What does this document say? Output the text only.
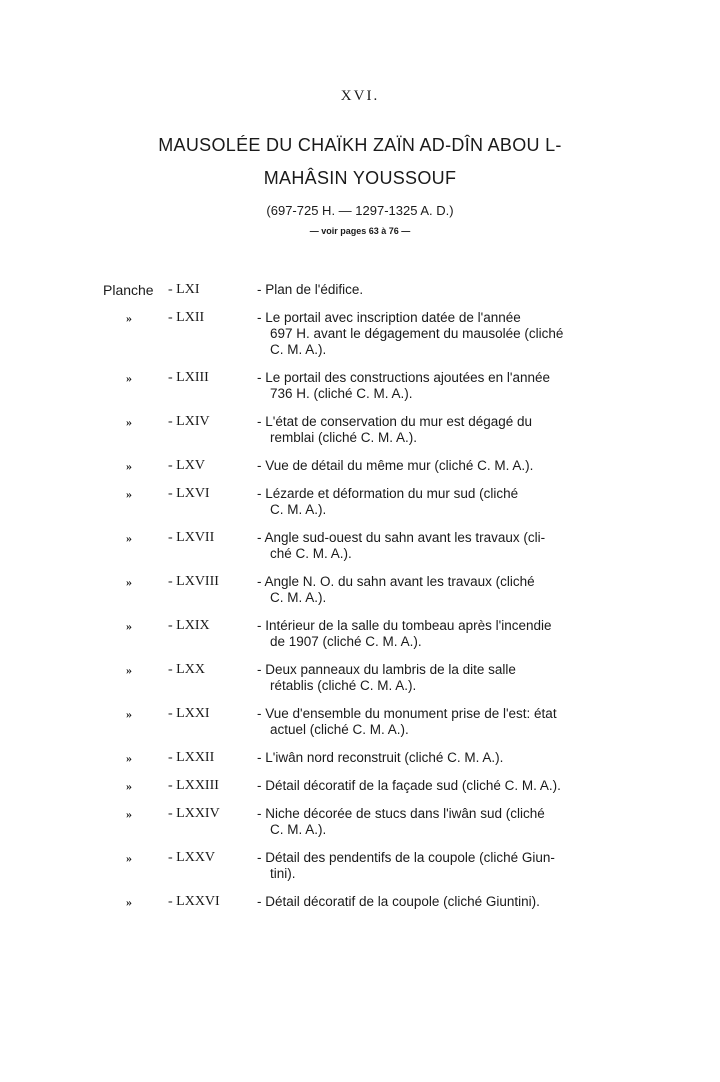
XVI.
MAUSOLÉE DU CHAÏKH ZAÏN AD-DÎN ABOU L-
MAHÂSIN YOUSSOUF
(697-725 H. — 1297-1325 A. D.)
— voir pages 63 à 76 —
Planche - LXI	- Plan de l'édifice.
»	- LXII	- Le portail avec inscription datée de l'année
697 H. avant le dégagement du mausolée (cliché
C. M. A.).
»	- LXIII	- Le portail des constructions ajoutées en l'année
736 H. (cliché C. M. A.).
»	- LXIV	- L'état de conservation du mur est dégagé du
remblai (cliché C. M. A.).
»	- LXV	- Vue de détail du même mur (cliché C. M. A.).
»	- LXVI	- Lézarde et déformation du mur sud (cliché
C. M. A.).
»	- LXVII	- Angle sud-ouest du sahn avant les travaux (cli-
ché C. M. A.).
»	- LXVIII	- Angle N. O. du sahn avant les travaux (cliché
C. M. A.).
»	- LXIX	- Intérieur de la salle du tombeau après l'incendie
de 1907 (cliché C. M. A.).
»	- LXX	- Deux panneaux du lambris de la dite salle
rétablis (cliché C. M. A.).
»	- LXXI	- Vue d'ensemble du monument prise de l'est: état
actuel (cliché C. M. A.).
»	- LXXII	- L'iwân nord reconstruit (cliché C. M. A.).
»	- LXXIII	- Détail décoratif de la façade sud (cliché C. M. A.).
»	- LXXIV	- Niche décorée de stucs dans l'iwân sud (cliché
C. M. A.).
»	- LXXV	- Détail des pendentifs de la coupole (cliché Giun-
tini).
»	- LXXVI	- Détail décoratif de la coupole (cliché Giuntini).
